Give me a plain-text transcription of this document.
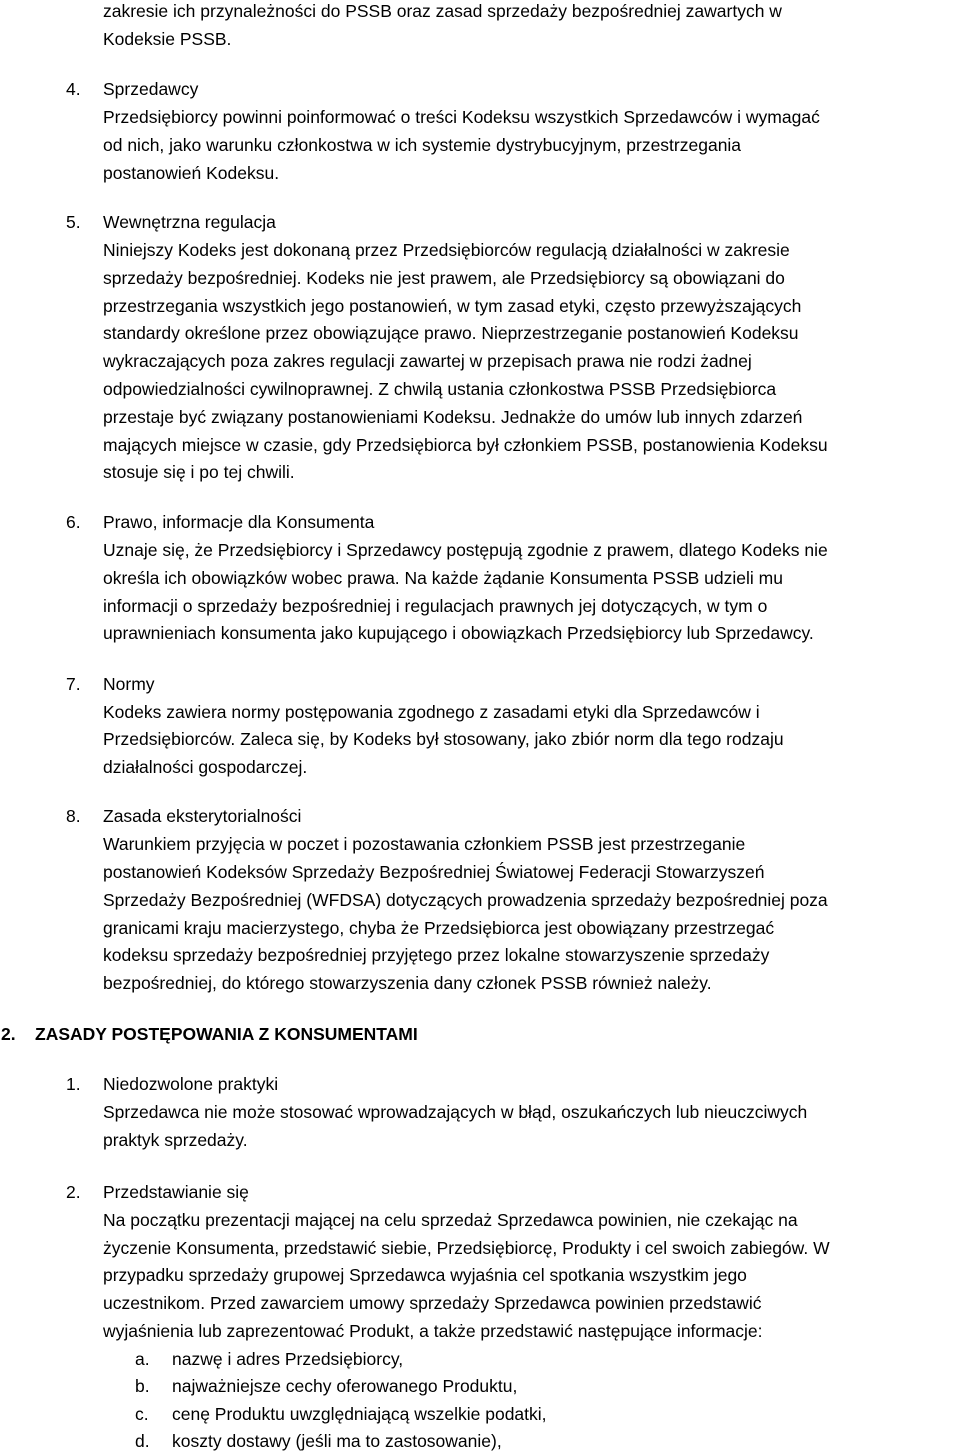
zakresie ich przynależności do PSSB oraz zasad sprzedaży bezpośredniej zawartych w
Kodeksie PSSB.
4. Sprzedawcy
Przedsiębiorcy powinni poinformować o treści Kodeksu wszystkich Sprzedawców i wymagać
od nich, jako warunku członkostwa w ich systemie dystrybucyjnym, przestrzegania
postanowień Kodeksu.
5. Wewnętrzna regulacja
Niniejszy Kodeks jest dokonaną przez Przedsiębiorców regulacją działalności w zakresie
sprzedaży bezpośredniej. Kodeks nie jest prawem, ale Przedsiębiorcy są obowiązani do
przestrzegania wszystkich jego postanowień, w tym zasad etyki, często przewyższających
standardy określone przez obowiązujące prawo. Nieprzestrzeganie postanowień Kodeksu
wykraczających poza zakres regulacji zawartej w przepisach prawa nie rodzi żadnej
odpowiedzialności cywilnoprawnej. Z chwilą ustania członkostwa PSSB Przedsiębiorca
przestaje być związany postanowieniami Kodeksu. Jednakże do umów lub innych zdarzeń
mających miejsce w czasie, gdy Przedsiębiorca był członkiem PSSB, postanowienia Kodeksu
stosuje się i po tej chwili.
6. Prawo, informacje dla Konsumenta
Uznaje się, że Przedsiębiorcy i Sprzedawcy postępują zgodnie z prawem, dlatego Kodeks nie
określa ich obowiązków wobec prawa. Na każde żądanie Konsumenta PSSB udzieli mu
informacji o sprzedaży bezpośredniej i regulacjach prawnych jej dotyczących, w tym o
uprawnieniach konsumenta jako kupującego i obowiązkach Przedsiębiorcy lub Sprzedawcy.
7. Normy
Kodeks zawiera normy postępowania zgodnego z zasadami etyki dla Sprzedawców i
Przedsiębiorców. Zaleca się, by Kodeks był stosowany, jako zbiór norm dla tego rodzaju
działalności gospodarczej.
8. Zasada eksterytorialności
Warunkiem przyjęcia w poczet i pozostawania członkiem PSSB jest przestrzeganie
postanowień Kodeksów Sprzedaży Bezpośredniej Światowej Federacji Stowarzyszeń
Sprzedaży Bezpośredniej (WFDSA) dotyczących prowadzenia sprzedaży bezpośredniej poza
granicami kraju macierzystego, chyba że Przedsiębiorca jest obowiązany przestrzegać
kodeksu sprzedaży bezpośredniej przyjętego przez lokalne stowarzyszenie sprzedaży
bezpośredniej, do którego stowarzyszenia dany członek PSSB również należy.
2. ZASADY POSTĘPOWANIA Z KONSUMENTAMI
1. Niedozwolone praktyki
Sprzedawca nie może stosować wprowadzających w błąd, oszukańczych lub nieuczciwych
praktyk sprzedaży.
2. Przedstawianie się
Na początku prezentacji mającej na celu sprzedaż Sprzedawca powinien, nie czekając na
życzenie Konsumenta, przedstawić siebie, Przedsiębiorcę, Produkty i cel swoich zabiegów. W
przypadku sprzedaży grupowej Sprzedawca wyjaśnia cel spotkania wszystkim jego
uczestnikom. Przed zawarciem umowy sprzedaży Sprzedawca powinien przedstawić
wyjaśnienia lub zaprezentować Produkt, a także przedstawić następujące informacje:
a. nazwę i adres Przedsiębiorcy,
b. najważniejsze cechy oferowanego Produktu,
c. cenę Produktu uwzględniającą wszelkie podatki,
d. koszty dostawy (jeśli ma to zastosowanie),
